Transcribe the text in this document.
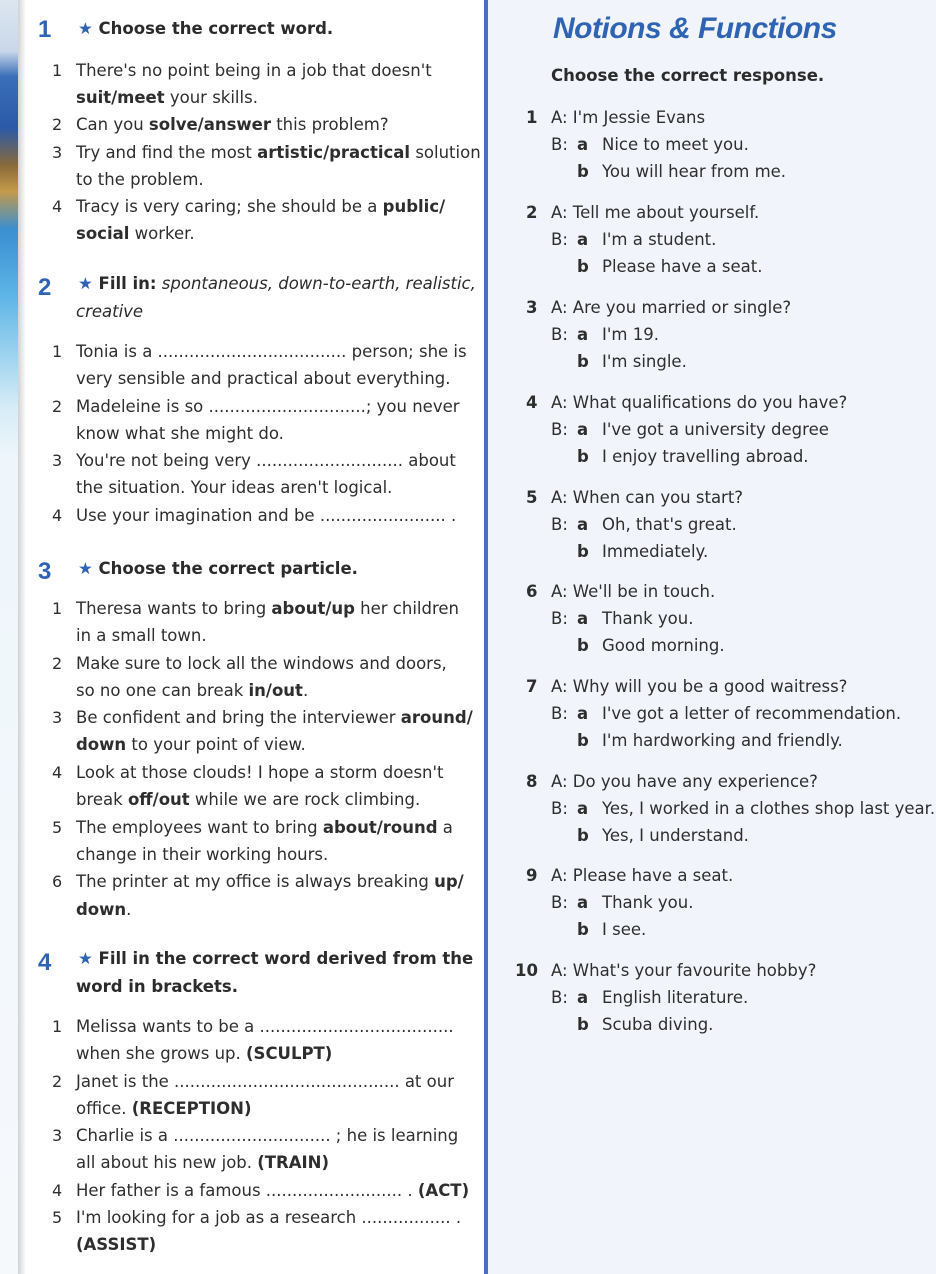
1 ★ Choose the correct word.
1 There's no point being in a job that doesn't
suit/meet your skills.
2 Can you solve/answer this problem?
3 Try and find the most artistic/practical solution
to the problem.
4 Tracy is very caring; she should be a public/
social worker.
2 ★ Fill in: spontaneous, down-to-earth, realistic,
creative
1 Tonia is a .................................... person; she is
very sensible and practical about everything.
2 Madeleine is so ..............................; you never
know what she might do.
3 You're not being very ............................ about
the situation. Your ideas aren't logical.
4 Use your imagination and be ........................ .
3 ★ Choose the correct particle.
1 Theresa wants to bring about/up her children
in a small town.
2 Make sure to lock all the windows and doors,
so no one can break in/out.
3 Be confident and bring the interviewer around/
down to your point of view.
4 Look at those clouds! I hope a storm doesn't
break off/out while we are rock climbing.
5 The employees want to bring about/round a
change in their working hours.
6 The printer at my office is always breaking up/
down.
4 ★ Fill in the correct word derived from the
word in brackets.
1 Melissa wants to be a .....................................
when she grows up. (SCULPT)
2 Janet is the ........................................... at our
office. (RECEPTION)
3 Charlie is a .............................. ; he is learning
all about his new job. (TRAIN)
4 Her father is a famous .......................... . (ACT)
5 I'm looking for a job as a research ................. .
(ASSIST)
Notions & Functions
Choose the correct response.
1 A: I'm Jessie Evans
B: a Nice to meet you.
b You will hear from me.
2 A: Tell me about yourself.
B: a I'm a student.
b Please have a seat.
3 A: Are you married or single?
B: a I'm 19.
b I'm single.
4 A: What qualifications do you have?
B: a I've got a university degree
b I enjoy travelling abroad.
5 A: When can you start?
B: a Oh, that's great.
b Immediately.
6 A: We'll be in touch.
B: a Thank you.
b Good morning.
7 A: Why will you be a good waitress?
B: a I've got a letter of recommendation.
b I'm hardworking and friendly.
8 A: Do you have any experience?
B: a Yes, I worked in a clothes shop last year.
b Yes, I understand.
9 A: Please have a seat.
B: a Thank you.
b I see.
10 A: What's your favourite hobby?
B: a English literature.
b Scuba diving.
